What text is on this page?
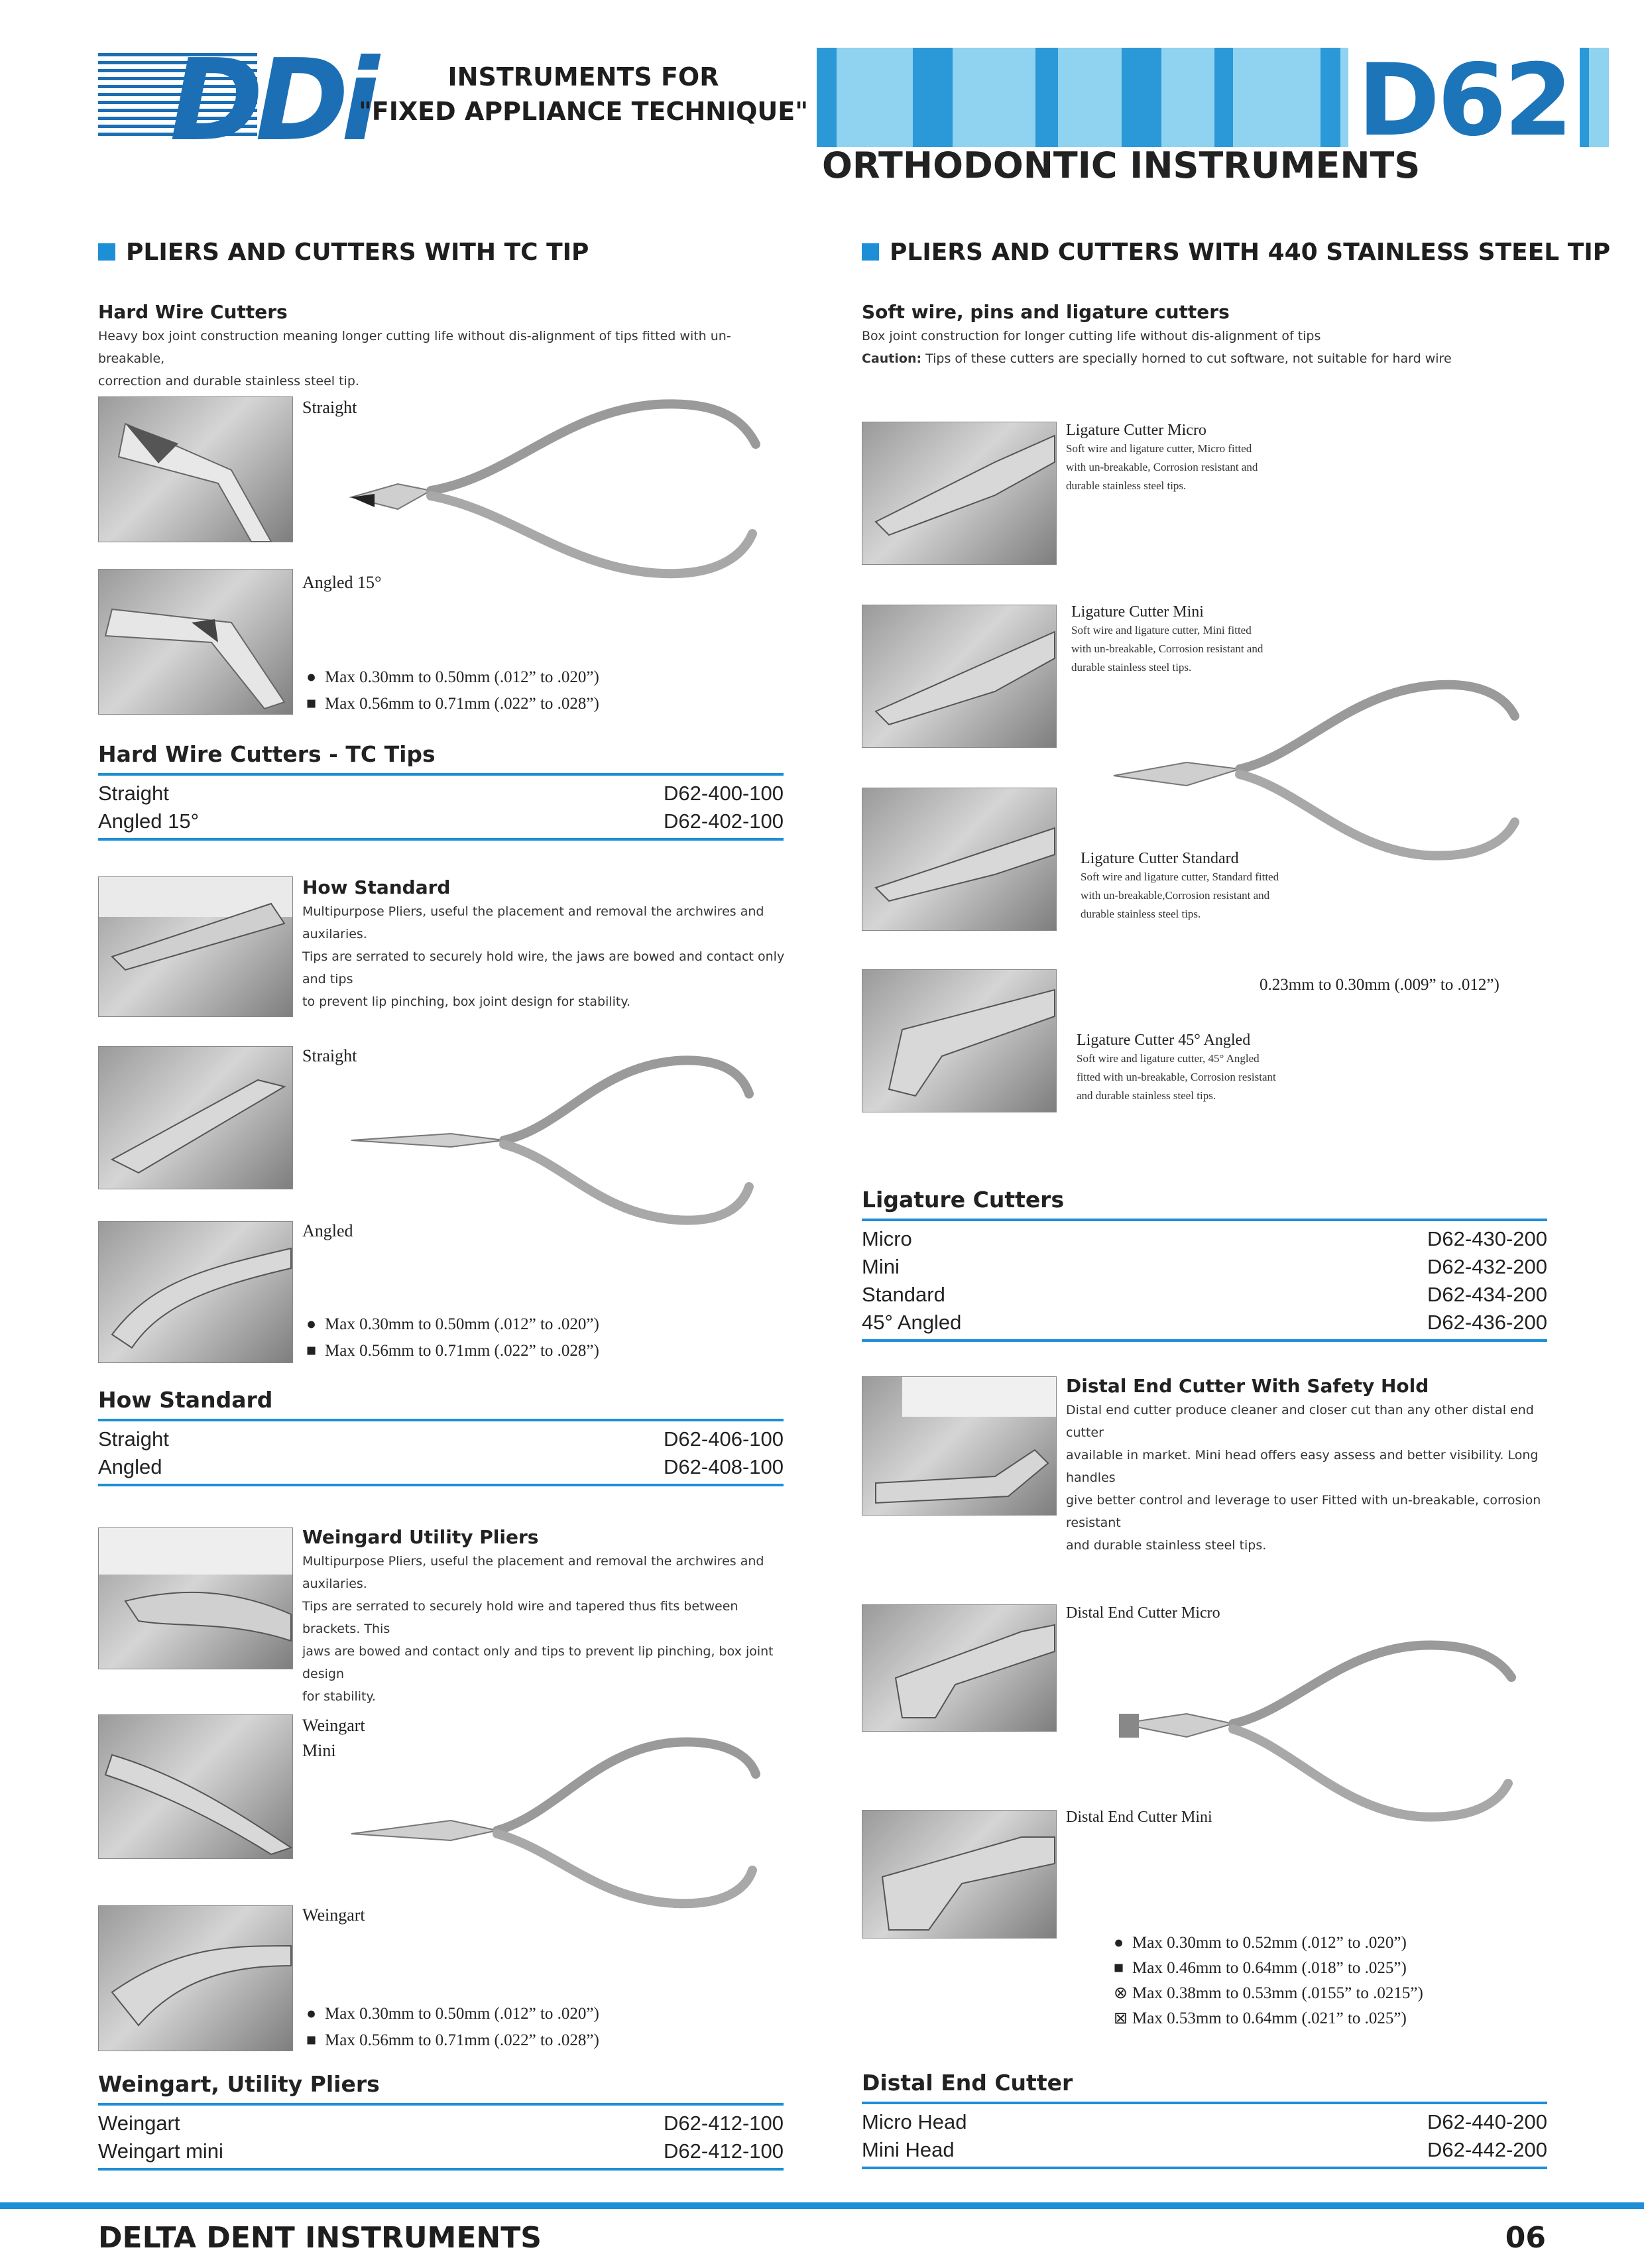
DDi	INSTRUMENTS FOR
"FIXED APPLIANCE TECHNIQUE"	D62
ORTHODONTIC INSTRUMENTS
PLIERS AND CUTTERS WITH TC TIP
Hard Wire Cutters
Heavy box joint construction meaning longer cutting life without dis-alignment of tips fitted with un-breakable,
correction and durable stainless steel tip.
Straight
Angled 15°
● Max 0.30mm to 0.50mm (.012” to .020”)
■ Max 0.56mm to 0.71mm (.022” to .028”)
Hard Wire Cutters - TC Tips
Straight	D62-400-100
Angled 15°	D62-402-100
How Standard
Multipurpose Pliers, useful the placement and removal the archwires and auxilaries.
Tips are serrated to securely hold wire, the jaws are bowed and contact only and tips
to prevent lip pinching, box joint design for stability.
Straight
Angled
● Max 0.30mm to 0.50mm (.012” to .020”)
■ Max 0.56mm to 0.71mm (.022” to .028”)
How Standard
Straight	D62-406-100
Angled	D62-408-100
Weingard Utility Pliers
Multipurpose Pliers, useful the placement and removal the archwires and auxilaries.
Tips are serrated to securely hold wire and tapered thus fits between brackets. This
jaws are bowed and contact only and tips to prevent lip pinching, box joint design
for stability.
Weingart
Mini
Weingart
● Max 0.30mm to 0.50mm (.012” to .020”)
■ Max 0.56mm to 0.71mm (.022” to .028”)
Weingart, Utility Pliers
Weingart	D62-412-100
Weingart mini	D62-412-100
PLIERS AND CUTTERS WITH 440 STAINLESS STEEL TIP
Soft wire, pins and ligature cutters
Box joint construction for longer cutting life without dis-alignment of tips
Caution: Tips of these cutters are specially horned to cut software, not suitable for hard wire
Ligature Cutter Micro
Soft wire and ligature cutter, Micro fitted
with un-breakable, Corrosion resistant and
durable stainless steel tips.
Ligature Cutter Mini
Soft wire and ligature cutter, Mini fitted
with un-breakable, Corrosion resistant and
durable stainless steel tips.
Ligature Cutter Standard
Soft wire and ligature cutter, Standard fitted
with un-breakable,Corrosion resistant and
durable stainless steel tips.
0.23mm to 0.30mm (.009” to .012”)
Ligature Cutter 45° Angled
Soft wire and ligature cutter, 45° Angled
fitted with un-breakable, Corrosion resistant
and durable stainless steel tips.
Ligature Cutters
Micro	D62-430-200
Mini	D62-432-200
Standard	D62-434-200
45° Angled	D62-436-200
Distal End Cutter With Safety Hold
Distal end cutter produce cleaner and closer cut than any other distal end cutter
available in market. Mini head offers easy assess and better visibility. Long handles
give better control and leverage to user Fitted with un-breakable, corrosion resistant
and durable stainless steel tips.
Distal End Cutter Micro
Distal End Cutter Mini
● Max 0.30mm to 0.52mm (.012” to .020”)
■ Max 0.46mm to 0.64mm (.018” to .025”)
⊗ Max 0.38mm to 0.53mm (.0155” to .0215”)
⊠ Max 0.53mm to 0.64mm (.021” to .025”)
Distal End Cutter
Micro Head	D62-440-200
Mini Head	D62-442-200
DELTA DENT INSTRUMENTS	06
